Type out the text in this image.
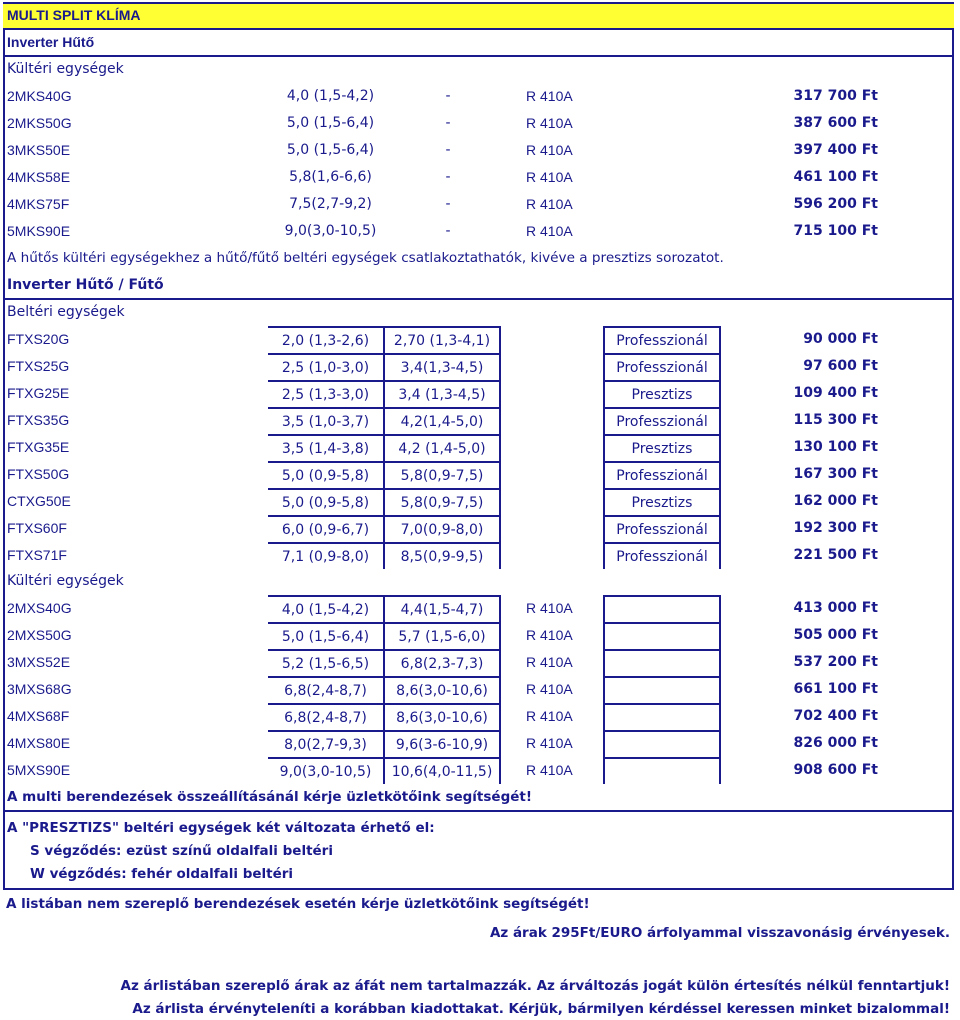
MULTI SPLIT KLÍMA
Inverter Hűtő
Kültéri egységek
2MKS40G	4,0 (1,5-4,2)	-	R 410A	317 700 Ft
2MKS50G	5,0 (1,5-6,4)	-	R 410A	387 600 Ft
3MKS50E	5,0 (1,5-6,4)	-	R 410A	397 400 Ft
4MKS58E	5,8(1,6-6,6)	-	R 410A	461 100 Ft
4MKS75F	7,5(2,7-9,2)	-	R 410A	596 200 Ft
5MKS90E	9,0(3,0-10,5)	-	R 410A	715 100 Ft
A hűtős kültéri egységekhez a hűtő/fűtő beltéri egységek csatlakoztathatók, kivéve a presztizs sorozatot.
Inverter Hűtő / Fűtő
Beltéri egységek
FTXS20G	2,0 (1,3-2,6)	2,70 (1,3-4,1)	Professzionál	90 000 Ft
FTXS25G	2,5 (1,0-3,0)	3,4(1,3-4,5)	Professzionál	97 600 Ft
FTXG25E	2,5 (1,3-3,0)	3,4 (1,3-4,5)	Presztizs	109 400 Ft
FTXS35G	3,5 (1,0-3,7)	4,2(1,4-5,0)	Professzionál	115 300 Ft
FTXG35E	3,5 (1,4-3,8)	4,2 (1,4-5,0)	Presztizs	130 100 Ft
FTXS50G	5,0 (0,9-5,8)	5,8(0,9-7,5)	Professzionál	167 300 Ft
CTXG50E	5,0 (0,9-5,8)	5,8(0,9-7,5)	Presztizs	162 000 Ft
FTXS60F	6,0 (0,9-6,7)	7,0(0,9-8,0)	Professzionál	192 300 Ft
FTXS71F	7,1 (0,9-8,0)	8,5(0,9-9,5)	Professzionál	221 500 Ft
Kültéri egységek
2MXS40G	4,0 (1,5-4,2)	4,4(1,5-4,7)	R 410A	413 000 Ft
2MXS50G	5,0 (1,5-6,4)	5,7 (1,5-6,0)	R 410A	505 000 Ft
3MXS52E	5,2 (1,5-6,5)	6,8(2,3-7,3)	R 410A	537 200 Ft
3MXS68G	6,8(2,4-8,7)	8,6(3,0-10,6)	R 410A	661 100 Ft
4MXS68F	6,8(2,4-8,7)	8,6(3,0-10,6)	R 410A	702 400 Ft
4MXS80E	8,0(2,7-9,3)	9,6(3-6-10,9)	R 410A	826 000 Ft
5MXS90E	9,0(3,0-10,5)	10,6(4,0-11,5)	R 410A	908 600 Ft
A multi berendezések összeállításánál kérje üzletkötőink segítségét!
A "PRESZTIZS" beltéri egységek két változata érhető el:
S végződés: ezüst színű oldalfali beltéri
W végződés: fehér oldalfali beltéri
A listában nem szereplő berendezések esetén kérje üzletkötőink segítségét!
Az árak 295Ft/EURO árfolyammal visszavonásig érvényesek.
Az árlistában szereplő árak az áfát nem tartalmazzák. Az árváltozás jogát külön értesítés nélkül fenntartjuk!
Az árlista érvényteleníti a korábban kiadottakat. Kérjük, bármilyen kérdéssel keressen minket bizalommal!
